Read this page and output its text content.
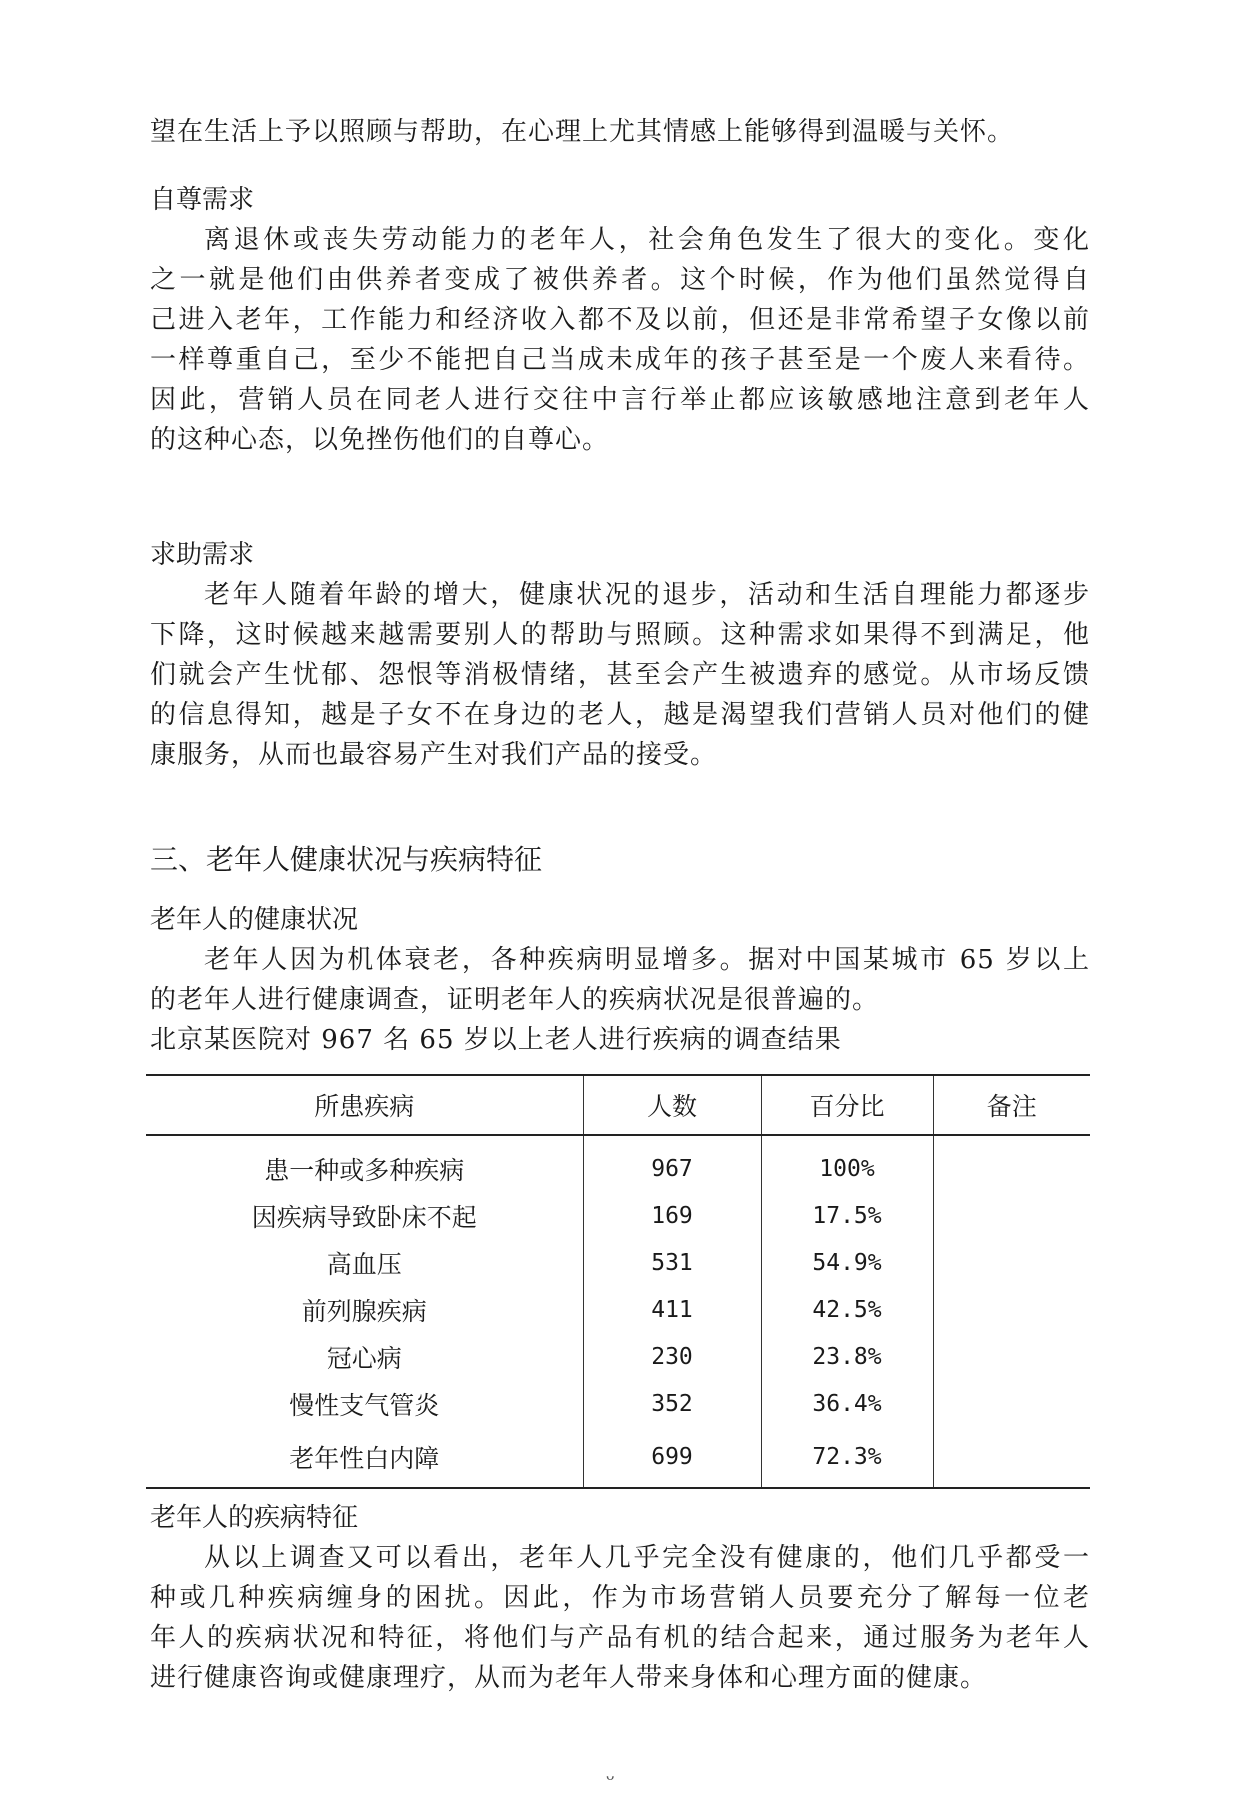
望在生活上予以照顾与帮助，在心理上尤其情感上能够得到温暖与关怀。
自尊需求
离退休或丧失劳动能力的老年人，社会角色发生了很大的变化。变化
之一就是他们由供养者变成了被供养者。这个时候，作为他们虽然觉得自
己进入老年，工作能力和经济收入都不及以前，但还是非常希望子女像以前
一样尊重自己，至少不能把自己当成未成年的孩子甚至是一个废人来看待。
因此，营销人员在同老人进行交往中言行举止都应该敏感地注意到老年人
的这种心态，以免挫伤他们的自尊心。
求助需求
老年人随着年龄的增大，健康状况的退步，活动和生活自理能力都逐步
下降，这时候越来越需要别人的帮助与照顾。这种需求如果得不到满足，他
们就会产生忧郁、怨恨等消极情绪，甚至会产生被遗弃的感觉。从市场反馈
的信息得知，越是子女不在身边的老人，越是渴望我们营销人员对他们的健
康服务，从而也最容易产生对我们产品的接受。
三、老年人健康状况与疾病特征
老年人的健康状况
老年人因为机体衰老，各种疾病明显增多。据对中国某城市 65 岁以上
的老年人进行健康调查，证明老年人的疾病状况是很普遍的。
北京某医院对 967 名 65 岁以上老人进行疾病的调查结果
所患疾病	人数	百分比	备注
患一种或多种疾病	967	100%	
因疾病导致卧床不起	169	17.5%	
高血压	531	54.9%	
前列腺疾病	411	42.5%	
冠心病	230	23.8%	
慢性支气管炎	352	36.4%	
老年性白内障	699	72.3%	
老年人的疾病特征
从以上调查又可以看出，老年人几乎完全没有健康的，他们几乎都受一
种或几种疾病缠身的困扰。因此，作为市场营销人员要充分了解每一位老
年人的疾病状况和特征，将他们与产品有机的结合起来，通过服务为老年人
进行健康咨询或健康理疗，从而为老年人带来身体和心理方面的健康。
ᴗ
